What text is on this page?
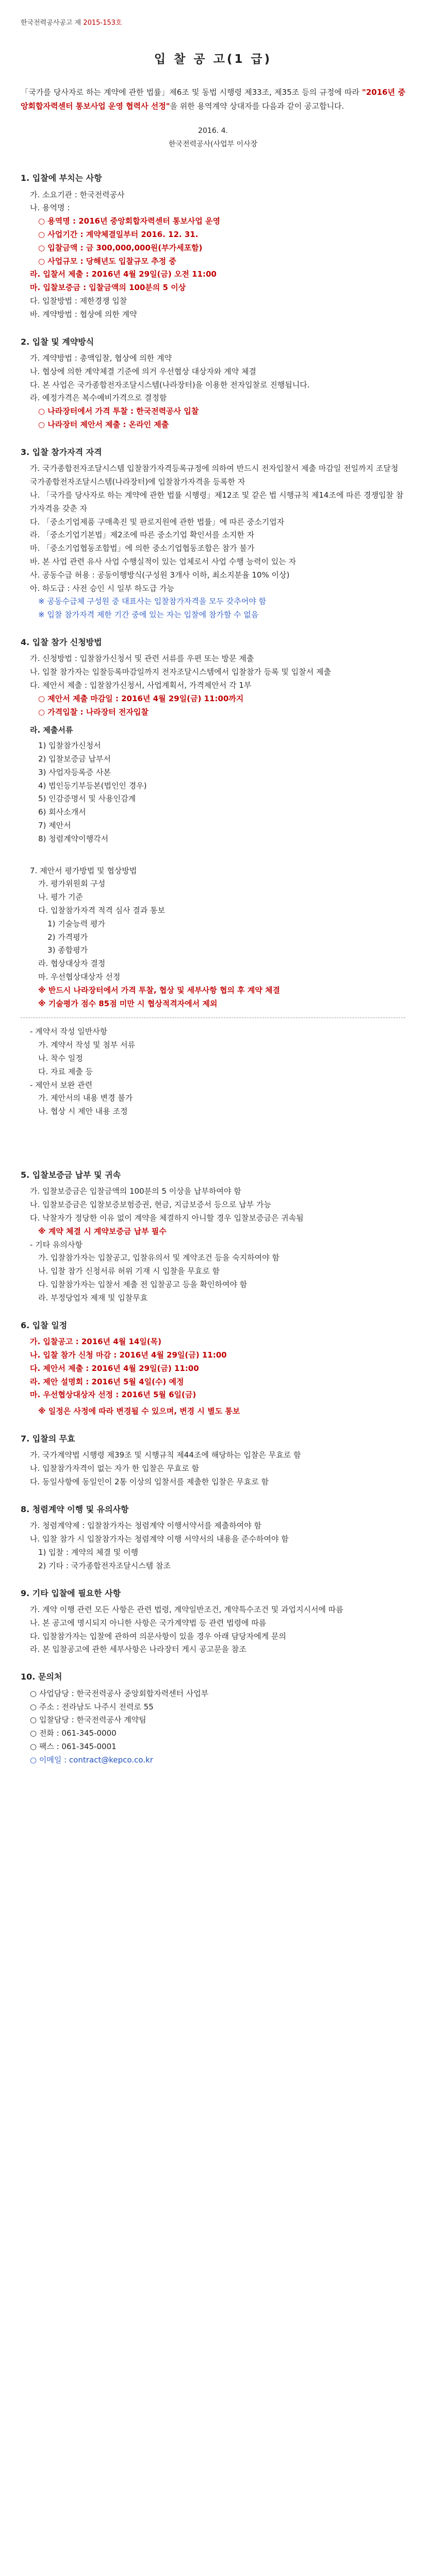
한국전력공사공고 제 2015-153호
입 찰 공 고(1 급)

「국가를 당사자로 하는 계약에 관한 법률」제6조 및 동법 시행령 제33조, 제35조 등의 규정에 따라 "2016년 중앙회합자력센터 통보사업 운영 협력사 선정"을 위한 용역계약 상대자를 다음과 같이 공고합니다.

2016. 4.
한국전력공사(사업부 이사장
1. 입찰에 부치는 사항

가. 소요기관 : 한국전력공사

나. 용역명 :

○ 용역명 : 2016년 중앙회합자력센터 통보사업 운영

○ 사업기간 : 계약체결일부터 2016. 12. 31.

○ 입찰금액 : 금 300,000,000원(부가세포함)

○ 사업규모 : 당해년도 입찰규모 추정 중

라. 입찰서 제출 : 2016년 4월 29일(금) 오전 11:00

마. 입찰보증금 : 입찰금액의 100분의 5 이상

다. 입찰방법 : 제한경쟁 입찰

바. 계약방법 : 협상에 의한 계약

2. 입찰 및 계약방식

가. 계약방법 : 총액입찰, 협상에 의한 계약

나. 협상에 의한 계약체결 기준에 의거 우선협상 대상자와 계약 체결

다. 본 사업은 국가종합전자조달시스템(나라장터)을 이용한 전자입찰로 진행됩니다.

라. 예정가격은 복수예비가격으로 결정함

○ 나라장터에서 가격 투찰 : 한국전력공사 입찰

○ 나라장터 제안서 제출 : 온라인 제출

3. 입찰 참가자격 자격

가. 국가종합전자조달시스템 입찰참가자격등록규정에 의하여 반드시 전자입찰서 제출 마감일 전일까지 조달청 국가종합전자조달시스템(나라장터)에 입찰참가자격을 등록한 자

나. 「국가를 당사자로 하는 계약에 관한 법률 시행령」제12조 및 같은 법 시행규칙 제14조에 따른 경쟁입찰 참가자격을 갖춘 자

다. 「중소기업제품 구매촉진 및 판로지원에 관한 법률」에 따른 중소기업자

라. 「중소기업기본법」제2조에 따른 중소기업 확인서를 소지한 자

마. 「중소기업협동조합법」에 의한 중소기업협동조합은 참가 불가

바. 본 사업 관련 유사 사업 수행실적이 있는 업체로서 사업 수행 능력이 있는 자

사. 공동수급 허용 : 공동이행방식(구성원 3개사 이하, 최소지분율 10% 이상)

아. 하도급 : 사전 승인 시 일부 하도급 가능

※ 공동수급체 구성원 중 대표사는 입찰참가자격을 모두 갖추어야 함

※ 입찰 참가자격 제한 기간 중에 있는 자는 입찰에 참가할 수 없음

4. 입찰 참가 신청방법

가. 신청방법 : 입찰참가신청서 및 관련 서류를 우편 또는 방문 제출

나. 입찰 참가자는 입찰등록마감일까지 전자조달시스템에서 입찰참가 등록 및 입찰서 제출

다. 제안서 제출 : 입찰참가신청서, 사업계획서, 가격제안서 각 1부

○ 제안서 제출 마감일 : 2016년 4월 29일(금) 11:00까지

○ 가격입찰 : 나라장터 전자입찰

라. 제출서류

1) 입찰참가신청서

2) 입찰보증금 납부서

3) 사업자등록증 사본

4) 법인등기부등본(법인인 경우)

5) 인감증명서 및 사용인감계

6) 회사소개서

7) 제안서

8) 청렴계약이행각서

7. 제안서 평가방법 및 협상방법

가. 평가위원회 구성

나. 평가 기준

다. 입찰참가자격 적격 심사 결과 통보

1) 기술능력 평가

2) 가격평가

3) 종합평가

라. 협상대상자 결정

마. 우선협상대상자 선정

※ 반드시 나라장터에서 가격 투찰, 협상 및 세부사항 협의 후 계약 체결

※ 기술평가 점수 85점 미만 시 협상적격자에서 제외

- 계약서 작성 일반사항

가. 계약서 작성 및 첨부 서류

나. 착수 일정

다. 자료 제출 등

- 제안서 보완 관련

가. 제안서의 내용 변경 불가

나. 협상 시 제안 내용 조정

5. 입찰보증금 납부 및 귀속

가. 입찰보증금은 입찰금액의 100분의 5 이상을 납부하여야 함

나. 입찰보증금은 입찰보증보험증권, 현금, 지급보증서 등으로 납부 가능

다. 낙찰자가 정당한 이유 없이 계약을 체결하지 아니할 경우 입찰보증금은 귀속됨

※ 계약 체결 시 계약보증금 납부 필수

- 기타 유의사항

가. 입찰참가자는 입찰공고, 입찰유의서 및 계약조건 등을 숙지하여야 함

나. 입찰 참가 신청서류 허위 기재 시 입찰을 무효로 함

다. 입찰참가자는 입찰서 제출 전 입찰공고 등을 확인하여야 함

라. 부정당업자 제재 및 입찰무효

6. 입찰 일정
가. 입찰공고 : 2016년 4월 14일(목)
나. 입찰 참가 신청 마감 : 2016년 4월 29일(금) 11:00
다. 제안서 제출 : 2016년 4월 29일(금) 11:00
라. 제안 설명회 : 2016년 5월 4일(수) 예정
마. 우선협상대상자 선정 : 2016년 5월 6일(금)

※ 일정은 사정에 따라 변경될 수 있으며, 변경 시 별도 통보

7. 입찰의 무효

가. 국가계약법 시행령 제39조 및 시행규칙 제44조에 해당하는 입찰은 무효로 함

나. 입찰참가자격이 없는 자가 한 입찰은 무효로 함

다. 동일사항에 동일인이 2통 이상의 입찰서를 제출한 입찰은 무효로 함

8. 청렴계약 이행 및 유의사항

가. 청렴계약제 : 입찰참가자는 청렴계약 이행서약서를 제출하여야 함

나. 입찰 참가 시 입찰참가자는 청렴계약 이행 서약서의 내용을 준수하여야 함

1) 입찰 : 계약의 체결 및 이행

2) 기타 : 국가종합전자조달시스템 참조

9. 기타 입찰에 필요한 사항

가. 계약 이행 관련 모든 사항은 관련 법령, 계약일반조건, 계약특수조건 및 과업지시서에 따름

나. 본 공고에 명시되지 아니한 사항은 국가계약법 등 관련 법령에 따름

다. 입찰참가자는 입찰에 관하여 의문사항이 있을 경우 아래 담당자에게 문의

라. 본 입찰공고에 관한 세부사항은 나라장터 게시 공고문을 참조

10. 문의처
○ 사업담당 : 한국전력공사 중앙회합자력센터 사업부
○ 주소 : 전라남도 나주시 전력로 55
○ 입찰담당 : 한국전력공사 계약팀
○ 전화 : 061-345-0000
○ 팩스 : 061-345-0001
○ 이메일 : contract@kepco.co.kr
